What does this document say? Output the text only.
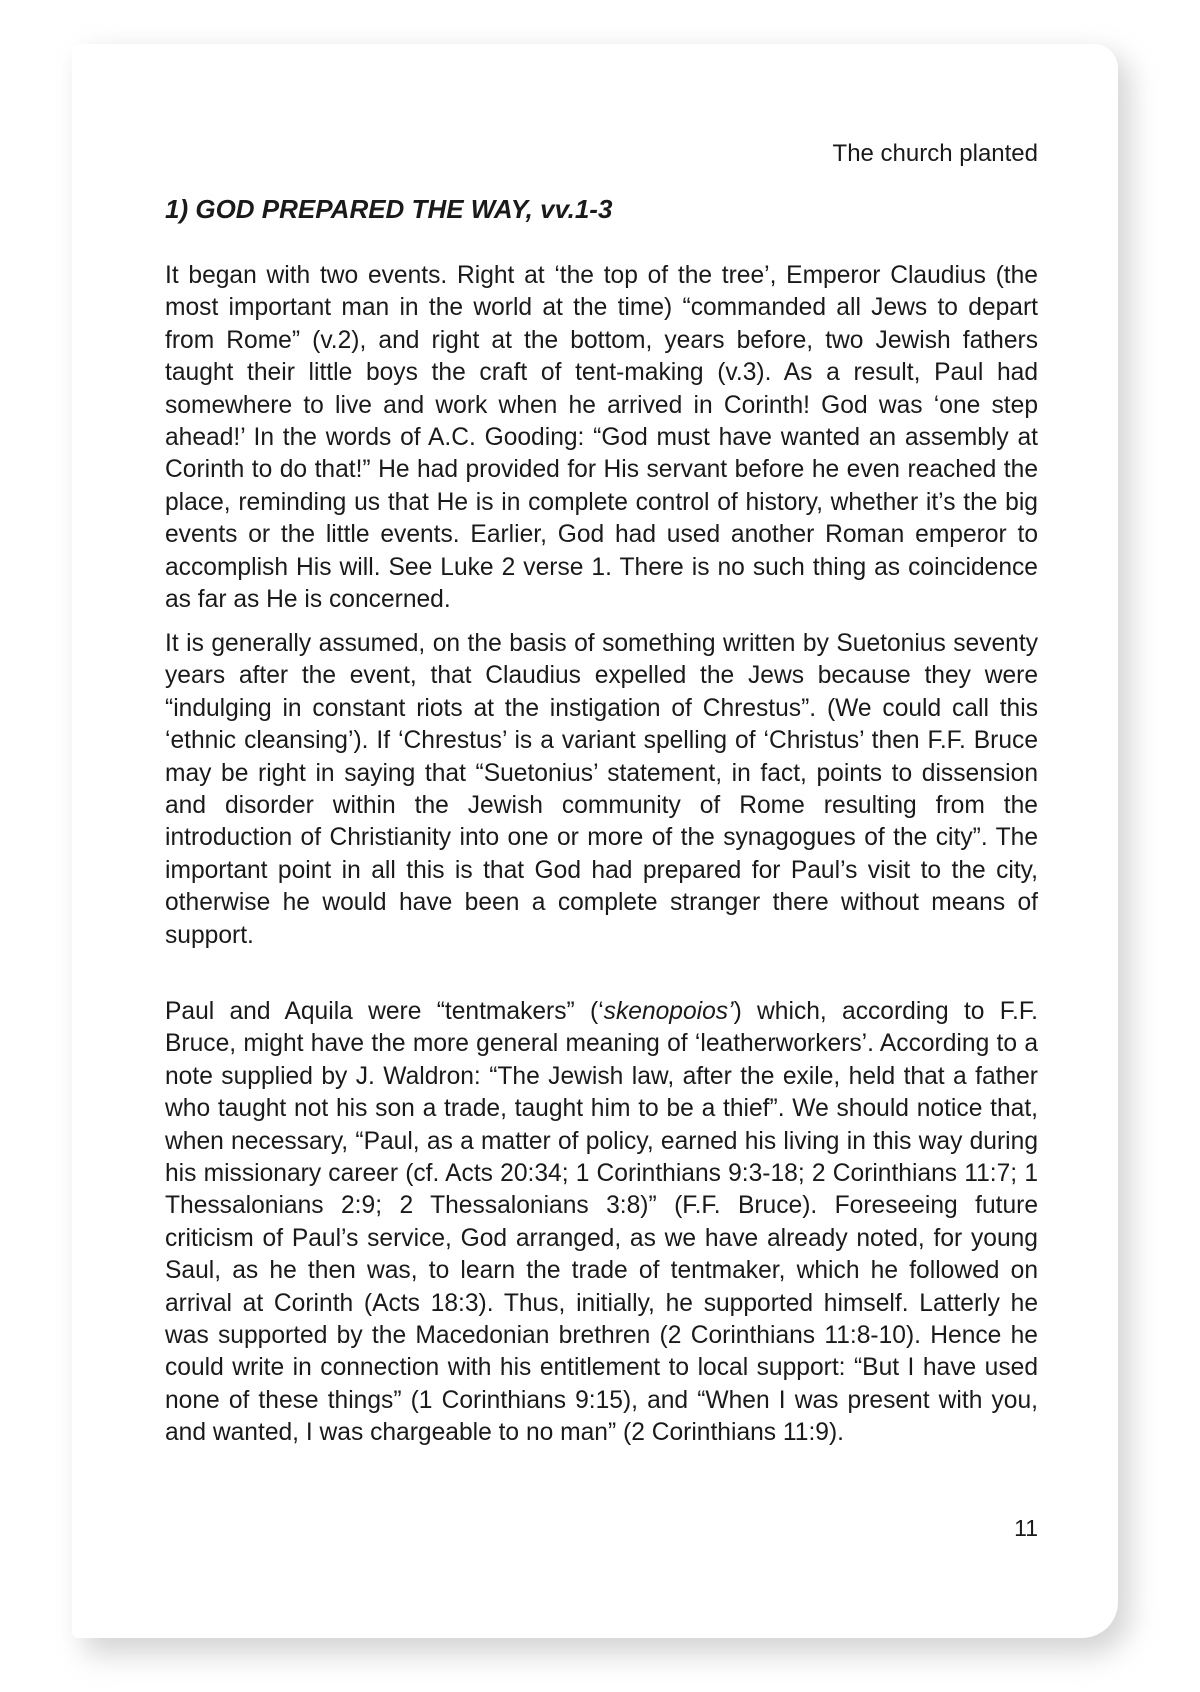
The church planted

1) GOD PREPARED THE WAY, vv.1-3

It began with two events. Right at ‘the top of the tree’, Emperor Claudius (the most important man in the world at the time) “commanded all Jews to depart from Rome” (v.2), and right at the bottom, years before, two Jewish fathers taught their little boys the craft of tent-making (v.3). As a result, Paul had somewhere to live and work when he arrived in Corinth! God was ‘one step ahead!’ In the words of A.C. Gooding: “God must have wanted an assembly at Corinth to do that!” He had provided for His servant before he even reached the place, reminding us that He is in complete control of history, whether it’s the big events or the little events. Earlier, God had used another Roman emperor to accomplish His will. See Luke 2 verse 1. There is no such thing as coincidence as far as He is concerned.

It is generally assumed, on the basis of something written by Suetonius seventy years after the event, that Claudius expelled the Jews because they were “indulging in constant riots at the instigation of Chrestus”. (We could call this ‘ethnic cleansing’). If ‘Chrestus’ is a variant spelling of ‘Christus’ then F.F. Bruce may be right in saying that “Suetonius’ statement, in fact, points to dissension and disorder within the Jewish community of Rome resulting from the introduction of Christianity into one or more of the synagogues of the city”. The important point in all this is that God had prepared for Paul’s visit to the city, otherwise he would have been a complete stranger there without means of support.

Paul and Aquila were “tentmakers” (‘skenopoios’) which, according to F.F. Bruce, might have the more general meaning of ‘leatherworkers’. According to a note supplied by J. Waldron: “The Jewish law, after the exile, held that a father who taught not his son a trade, taught him to be a thief”. We should notice that, when necessary, “Paul, as a matter of policy, earned his living in this way during his missionary career (cf. Acts 20:34; 1 Corinthians 9:3-18; 2 Corinthians 11:7; 1 Thessalonians 2:9; 2 Thessalonians 3:8)” (F.F. Bruce). Foreseeing future criticism of Paul’s service, God arranged, as we have already noted, for young Saul, as he then was, to learn the trade of tentmaker, which he followed on arrival at Corinth (Acts 18:3). Thus, initially, he supported himself. Latterly he was supported by the Macedonian brethren (2 Corinthians 11:8-10). Hence he could write in connection with his entitlement to local support: “But I have used none of these things” (1 Corinthians 9:15), and “When I was present with you, and wanted, I was chargeable to no man” (2 Corinthians 11:9).

11
